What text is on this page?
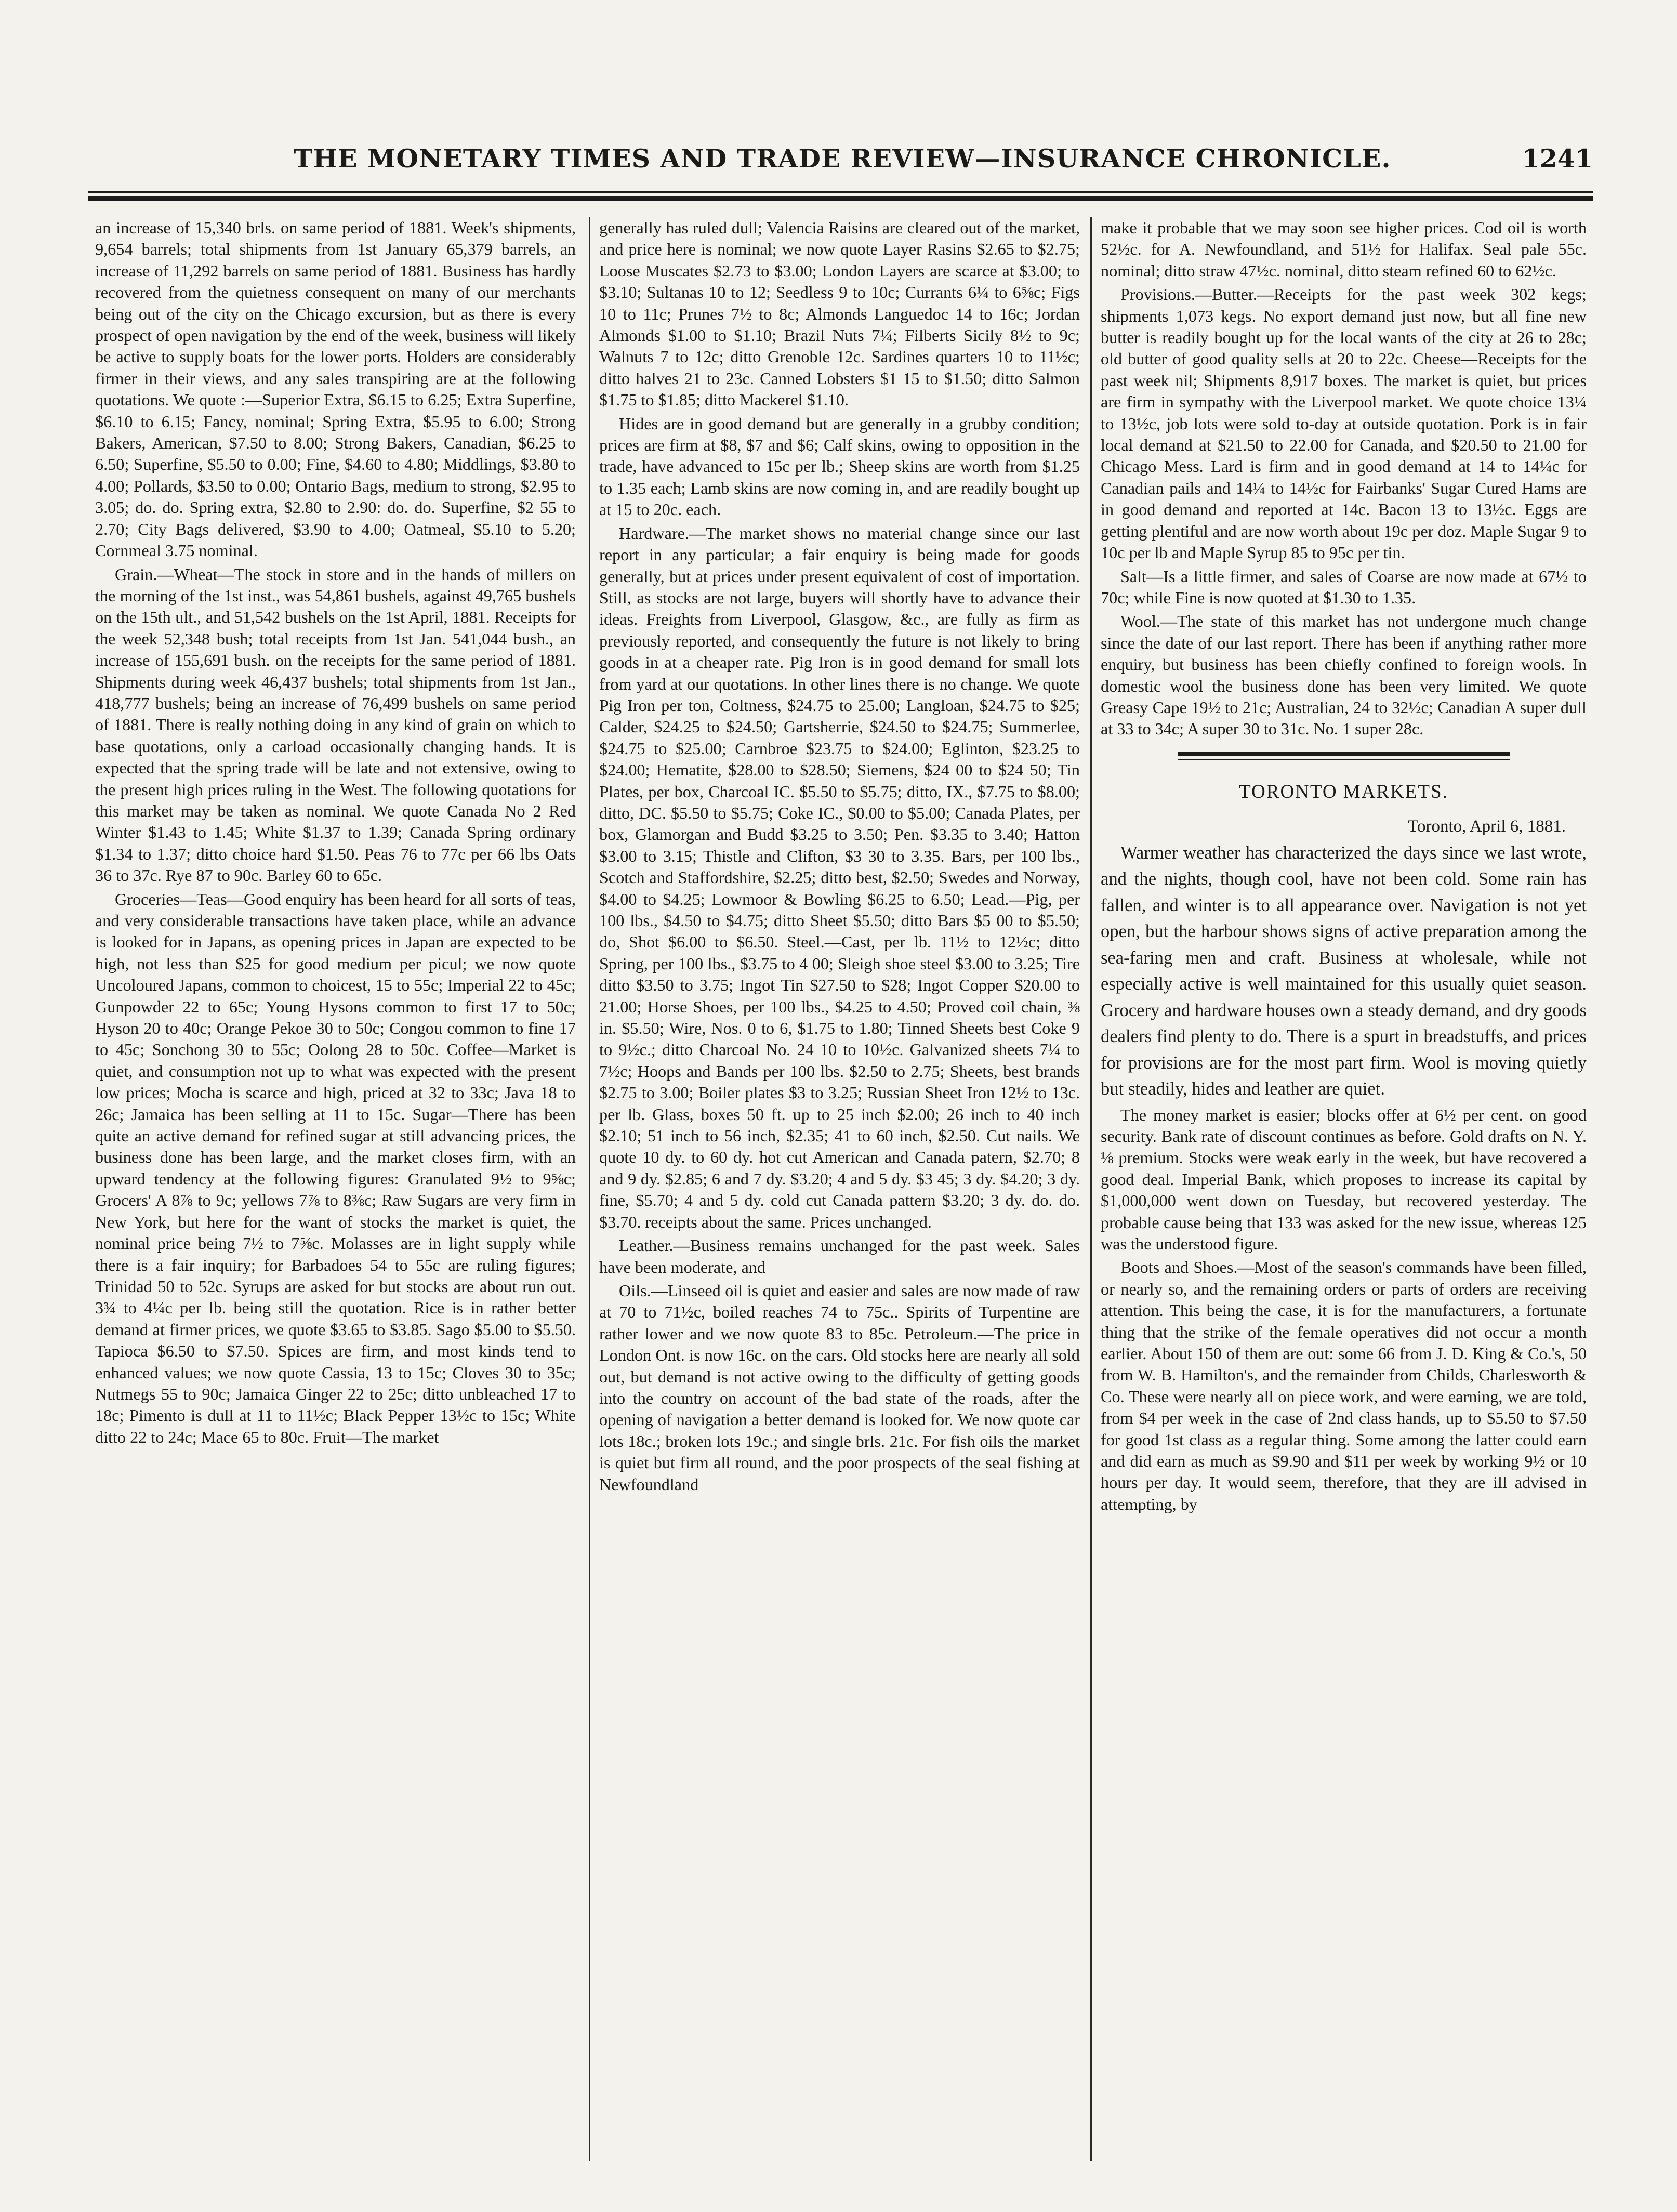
THE MONETARY TIMES AND TRADE REVIEW—INSURANCE CHRONICLE.	1241

an increase of 15,340 brls. on same period of 1881. Week's shipments, 9,654 barrels; total shipments from 1st January 65,379 barrels, an increase of 11,292 barrels on same period of 1881. Business has hardly recovered from the quietness consequent on many of our merchants being out of the city on the Chicago excursion, but as there is every prospect of open navigation by the end of the week, business will likely be active to supply boats for the lower ports. Holders are considerably firmer in their views, and any sales transpiring are at the following quotations. We quote :—Superior Extra, $6.15 to 6.25; Extra Superfine, $6.10 to 6.15; Fancy, nominal; Spring Extra, $5.95 to 6.00; Strong Bakers, American, $7.50 to 8.00; Strong Bakers, Canadian, $6.25 to 6.50; Superfine, $5.50 to 0.00; Fine, $4.60 to 4.80; Middlings, $3.80 to 4.00; Pollards, $3.50 to 0.00; Ontario Bags, medium to strong, $2.95 to 3.05; do. do. Spring extra, $2.80 to 2.90: do. do. Superfine, $2 55 to 2.70; City Bags delivered, $3.90 to 4.00; Oatmeal, $5.10 to 5.20; Cornmeal 3.75 nominal.

Grain.—Wheat—The stock in store and in the hands of millers on the morning of the 1st inst., was 54,861 bushels, against 49,765 bushels on the 15th ult., and 51,542 bushels on the 1st April, 1881. Receipts for the week 52,348 bush; total receipts from 1st Jan. 541,044 bush., an increase of 155,691 bush. on the receipts for the same period of 1881. Shipments during week 46,437 bushels; total shipments from 1st Jan., 418,777 bushels; being an increase of 76,499 bushels on same period of 1881. There is really nothing doing in any kind of grain on which to base quotations, only a carload occasionally changing hands. It is expected that the spring trade will be late and not extensive, owing to the present high prices ruling in the West. The following quotations for this market may be taken as nominal. We quote Canada No 2 Red Winter $1.43 to 1.45; White $1.37 to 1.39; Canada Spring ordinary $1.34 to 1.37; ditto choice hard $1.50. Peas 76 to 77c per 66 lbs Oats 36 to 37c. Rye 87 to 90c. Barley 60 to 65c.

Groceries—Teas—Good enquiry has been heard for all sorts of teas, and very considerable transactions have taken place, while an advance is looked for in Japans, as opening prices in Japan are expected to be high, not less than $25 for good medium per picul; we now quote Uncoloured Japans, common to choicest, 15 to 55c; Imperial 22 to 45c; Gunpowder 22 to 65c; Young Hysons common to first 17 to 50c; Hyson 20 to 40c; Orange Pekoe 30 to 50c; Congou common to fine 17 to 45c; Sonchong 30 to 55c; Oolong 28 to 50c. Coffee—Market is quiet, and consumption not up to what was expected with the present low prices; Mocha is scarce and high, priced at 32 to 33c; Java 18 to 26c; Jamaica has been selling at 11 to 15c. Sugar—There has been quite an active demand for refined sugar at still advancing prices, the business done has been large, and the market closes firm, with an upward tendency at the following figures: Granulated 9½ to 9⅝c; Grocers' A 8⅞ to 9c; yellows 7⅞ to 8⅜c; Raw Sugars are very firm in New York, but here for the want of stocks the market is quiet, the nominal price being 7½ to 7⅝c. Molasses are in light supply while there is a fair inquiry; for Barbadoes 54 to 55c are ruling figures; Trinidad 50 to 52c. Syrups are asked for but stocks are about run out. 3¾ to 4¼c per lb. being still the quotation. Rice is in rather better demand at firmer prices, we quote $3.65 to $3.85. Sago $5.00 to $5.50. Tapioca $6.50 to $7.50. Spices are firm, and most kinds tend to enhanced values; we now quote Cassia, 13 to 15c; Cloves 30 to 35c; Nutmegs 55 to 90c; Jamaica Ginger 22 to 25c; ditto unbleached 17 to 18c; Pimento is dull at 11 to 11½c; Black Pepper 13½c to 15c; White ditto 22 to 24c; Mace 65 to 80c. Fruit—The market

generally has ruled dull; Valencia Raisins are cleared out of the market, and price here is nominal; we now quote Layer Rasins $2.65 to $2.75; Loose Muscates $2.73 to $3.00; London Layers are scarce at $3.00; to $3.10; Sultanas 10 to 12; Seedless 9 to 10c; Currants 6¼ to 6⅝c; Figs 10 to 11c; Prunes 7½ to 8c; Almonds Languedoc 14 to 16c; Jordan Almonds $1.00 to $1.10; Brazil Nuts 7¼; Filberts Sicily 8½ to 9c; Walnuts 7 to 12c; ditto Grenoble 12c. Sardines quarters 10 to 11½c; ditto halves 21 to 23c. Canned Lobsters $1 15 to $1.50; ditto Salmon $1.75 to $1.85; ditto Mackerel $1.10.

Hides are in good demand but are generally in a grubby condition; prices are firm at $8, $7 and $6; Calf skins, owing to opposition in the trade, have advanced to 15c per lb.; Sheep skins are worth from $1.25 to 1.35 each; Lamb skins are now coming in, and are readily bought up at 15 to 20c. each.

Hardware.—The market shows no material change since our last report in any particular; a fair enquiry is being made for goods generally, but at prices under present equivalent of cost of importation. Still, as stocks are not large, buyers will shortly have to advance their ideas. Freights from Liverpool, Glasgow, &c., are fully as firm as previously reported, and consequently the future is not likely to bring goods in at a cheaper rate. Pig Iron is in good demand for small lots from yard at our quotations. In other lines there is no change. We quote Pig Iron per ton, Coltness, $24.75 to 25.00; Langloan, $24.75 to $25; Calder, $24.25 to $24.50; Gartsherrie, $24.50 to $24.75; Summerlee, $24.75 to $25.00; Carnbroe $23.75 to $24.00; Eglinton, $23.25 to $24.00; Hematite, $28.00 to $28.50; Siemens, $24 00 to $24 50; Tin Plates, per box, Charcoal IC. $5.50 to $5.75; ditto, IX., $7.75 to $8.00; ditto, DC. $5.50 to $5.75; Coke IC., $0.00 to $5.00; Canada Plates, per box, Glamorgan and Budd $3.25 to 3.50; Pen. $3.35 to 3.40; Hatton $3.00 to 3.15; Thistle and Clifton, $3 30 to 3.35. Bars, per 100 lbs., Scotch and Staffordshire, $2.25; ditto best, $2.50; Swedes and Norway, $4.00 to $4.25; Lowmoor & Bowling $6.25 to 6.50; Lead.—Pig, per 100 lbs., $4.50 to $4.75; ditto Sheet $5.50; ditto Bars $5 00 to $5.50; do, Shot $6.00 to $6.50. Steel.—Cast, per lb. 11½ to 12½c; ditto Spring, per 100 lbs., $3.75 to 4 00; Sleigh shoe steel $3.00 to 3.25; Tire ditto $3.50 to 3.75; Ingot Tin $27.50 to $28; Ingot Copper $20.00 to 21.00; Horse Shoes, per 100 lbs., $4.25 to 4.50; Proved coil chain, ⅜ in. $5.50; Wire, Nos. 0 to 6, $1.75 to 1.80; Tinned Sheets best Coke 9 to 9½c.; ditto Charcoal No. 24 10 to 10½c. Galvanized sheets 7¼ to 7½c; Hoops and Bands per 100 lbs. $2.50 to 2.75; Sheets, best brands $2.75 to 3.00; Boiler plates $3 to 3.25; Russian Sheet Iron 12½ to 13c. per lb. Glass, boxes 50 ft. up to 25 inch $2.00; 26 inch to 40 inch $2.10; 51 inch to 56 inch, $2.35; 41 to 60 inch, $2.50. Cut nails. We quote 10 dy. to 60 dy. hot cut American and Canada patern, $2.70; 8 and 9 dy. $2.85; 6 and 7 dy. $3.20; 4 and 5 dy. $3 45; 3 dy. $4.20; 3 dy. fine, $5.70; 4 and 5 dy. cold cut Canada pattern $3.20; 3 dy. do. do. $3.70. receipts about the same. Prices unchanged.

Leather.—Business remains unchanged for the past week. Sales have been moderate, and

Oils.—Linseed oil is quiet and easier and sales are now made of raw at 70 to 71½c, boiled reaches 74 to 75c.. Spirits of Turpentine are rather lower and we now quote 83 to 85c. Petroleum.—The price in London Ont. is now 16c. on the cars. Old stocks here are nearly all sold out, but demand is not active owing to the difficulty of getting goods into the country on account of the bad state of the roads, after the opening of navigation a better demand is looked for. We now quote car lots 18c.; broken lots 19c.; and single brls. 21c. For fish oils the market is quiet but firm all round, and the poor prospects of the seal fishing at Newfoundland

make it probable that we may soon see higher prices. Cod oil is worth 52½c. for A. Newfoundland, and 51½ for Halifax. Seal pale 55c. nominal; ditto straw 47½c. nominal, ditto steam refined 60 to 62½c.

Provisions.—Butter.—Receipts for the past week 302 kegs; shipments 1,073 kegs. No export demand just now, but all fine new butter is readily bought up for the local wants of the city at 26 to 28c; old butter of good quality sells at 20 to 22c. Cheese—Receipts for the past week nil; Shipments 8,917 boxes. The market is quiet, but prices are firm in sympathy with the Liverpool market. We quote choice 13¼ to 13½c, job lots were sold to-day at outside quotation. Pork is in fair local demand at $21.50 to 22.00 for Canada, and $20.50 to 21.00 for Chicago Mess. Lard is firm and in good demand at 14 to 14¼c for Canadian pails and 14¼ to 14½c for Fairbanks' Sugar Cured Hams are in good demand and reported at 14c. Bacon 13 to 13½c. Eggs are getting plentiful and are now worth about 19c per doz. Maple Sugar 9 to 10c per lb and Maple Syrup 85 to 95c per tin.

Salt—Is a little firmer, and sales of Coarse are now made at 67½ to 70c; while Fine is now quoted at $1.30 to 1.35.

Wool.—The state of this market has not undergone much change since the date of our last report. There has been if anything rather more enquiry, but business has been chiefly confined to foreign wools. In domestic wool the business done has been very limited. We quote Greasy Cape 19½ to 21c; Australian, 24 to 32½c; Canadian A super dull at 33 to 34c; A super 30 to 31c. No. 1 super 28c.

TORONTO MARKETS.

Toronto, April 6, 1881.

Warmer weather has characterized the days since we last wrote, and the nights, though cool, have not been cold. Some rain has fallen, and winter is to all appearance over. Navigation is not yet open, but the harbour shows signs of active preparation among the sea-faring men and craft. Business at wholesale, while not especially active is well maintained for this usually quiet season. Grocery and hardware houses own a steady demand, and dry goods dealers find plenty to do. There is a spurt in breadstuffs, and prices for provisions are for the most part firm. Wool is moving quietly but steadily, hides and leather are quiet.

The money market is easier; blocks offer at 6½ per cent. on good security. Bank rate of discount continues as before. Gold drafts on N. Y. ⅛ premium. Stocks were weak early in the week, but have recovered a good deal. Imperial Bank, which proposes to increase its capital by $1,000,000 went down on Tuesday, but recovered yesterday. The probable cause being that 133 was asked for the new issue, whereas 125 was the understood figure.

Boots and Shoes.—Most of the season's commands have been filled, or nearly so, and the remaining orders or parts of orders are receiving attention. This being the case, it is for the manufacturers, a fortunate thing that the strike of the female operatives did not occur a month earlier. About 150 of them are out: some 66 from J. D. King & Co.'s, 50 from W. B. Hamilton's, and the remainder from Childs, Charlesworth & Co. These were nearly all on piece work, and were earning, we are told, from $4 per week in the case of 2nd class hands, up to $5.50 to $7.50 for good 1st class as a regular thing. Some among the latter could earn and did earn as much as $9.90 and $11 per week by working 9½ or 10 hours per day. It would seem, therefore, that they are ill advised in attempting, by
